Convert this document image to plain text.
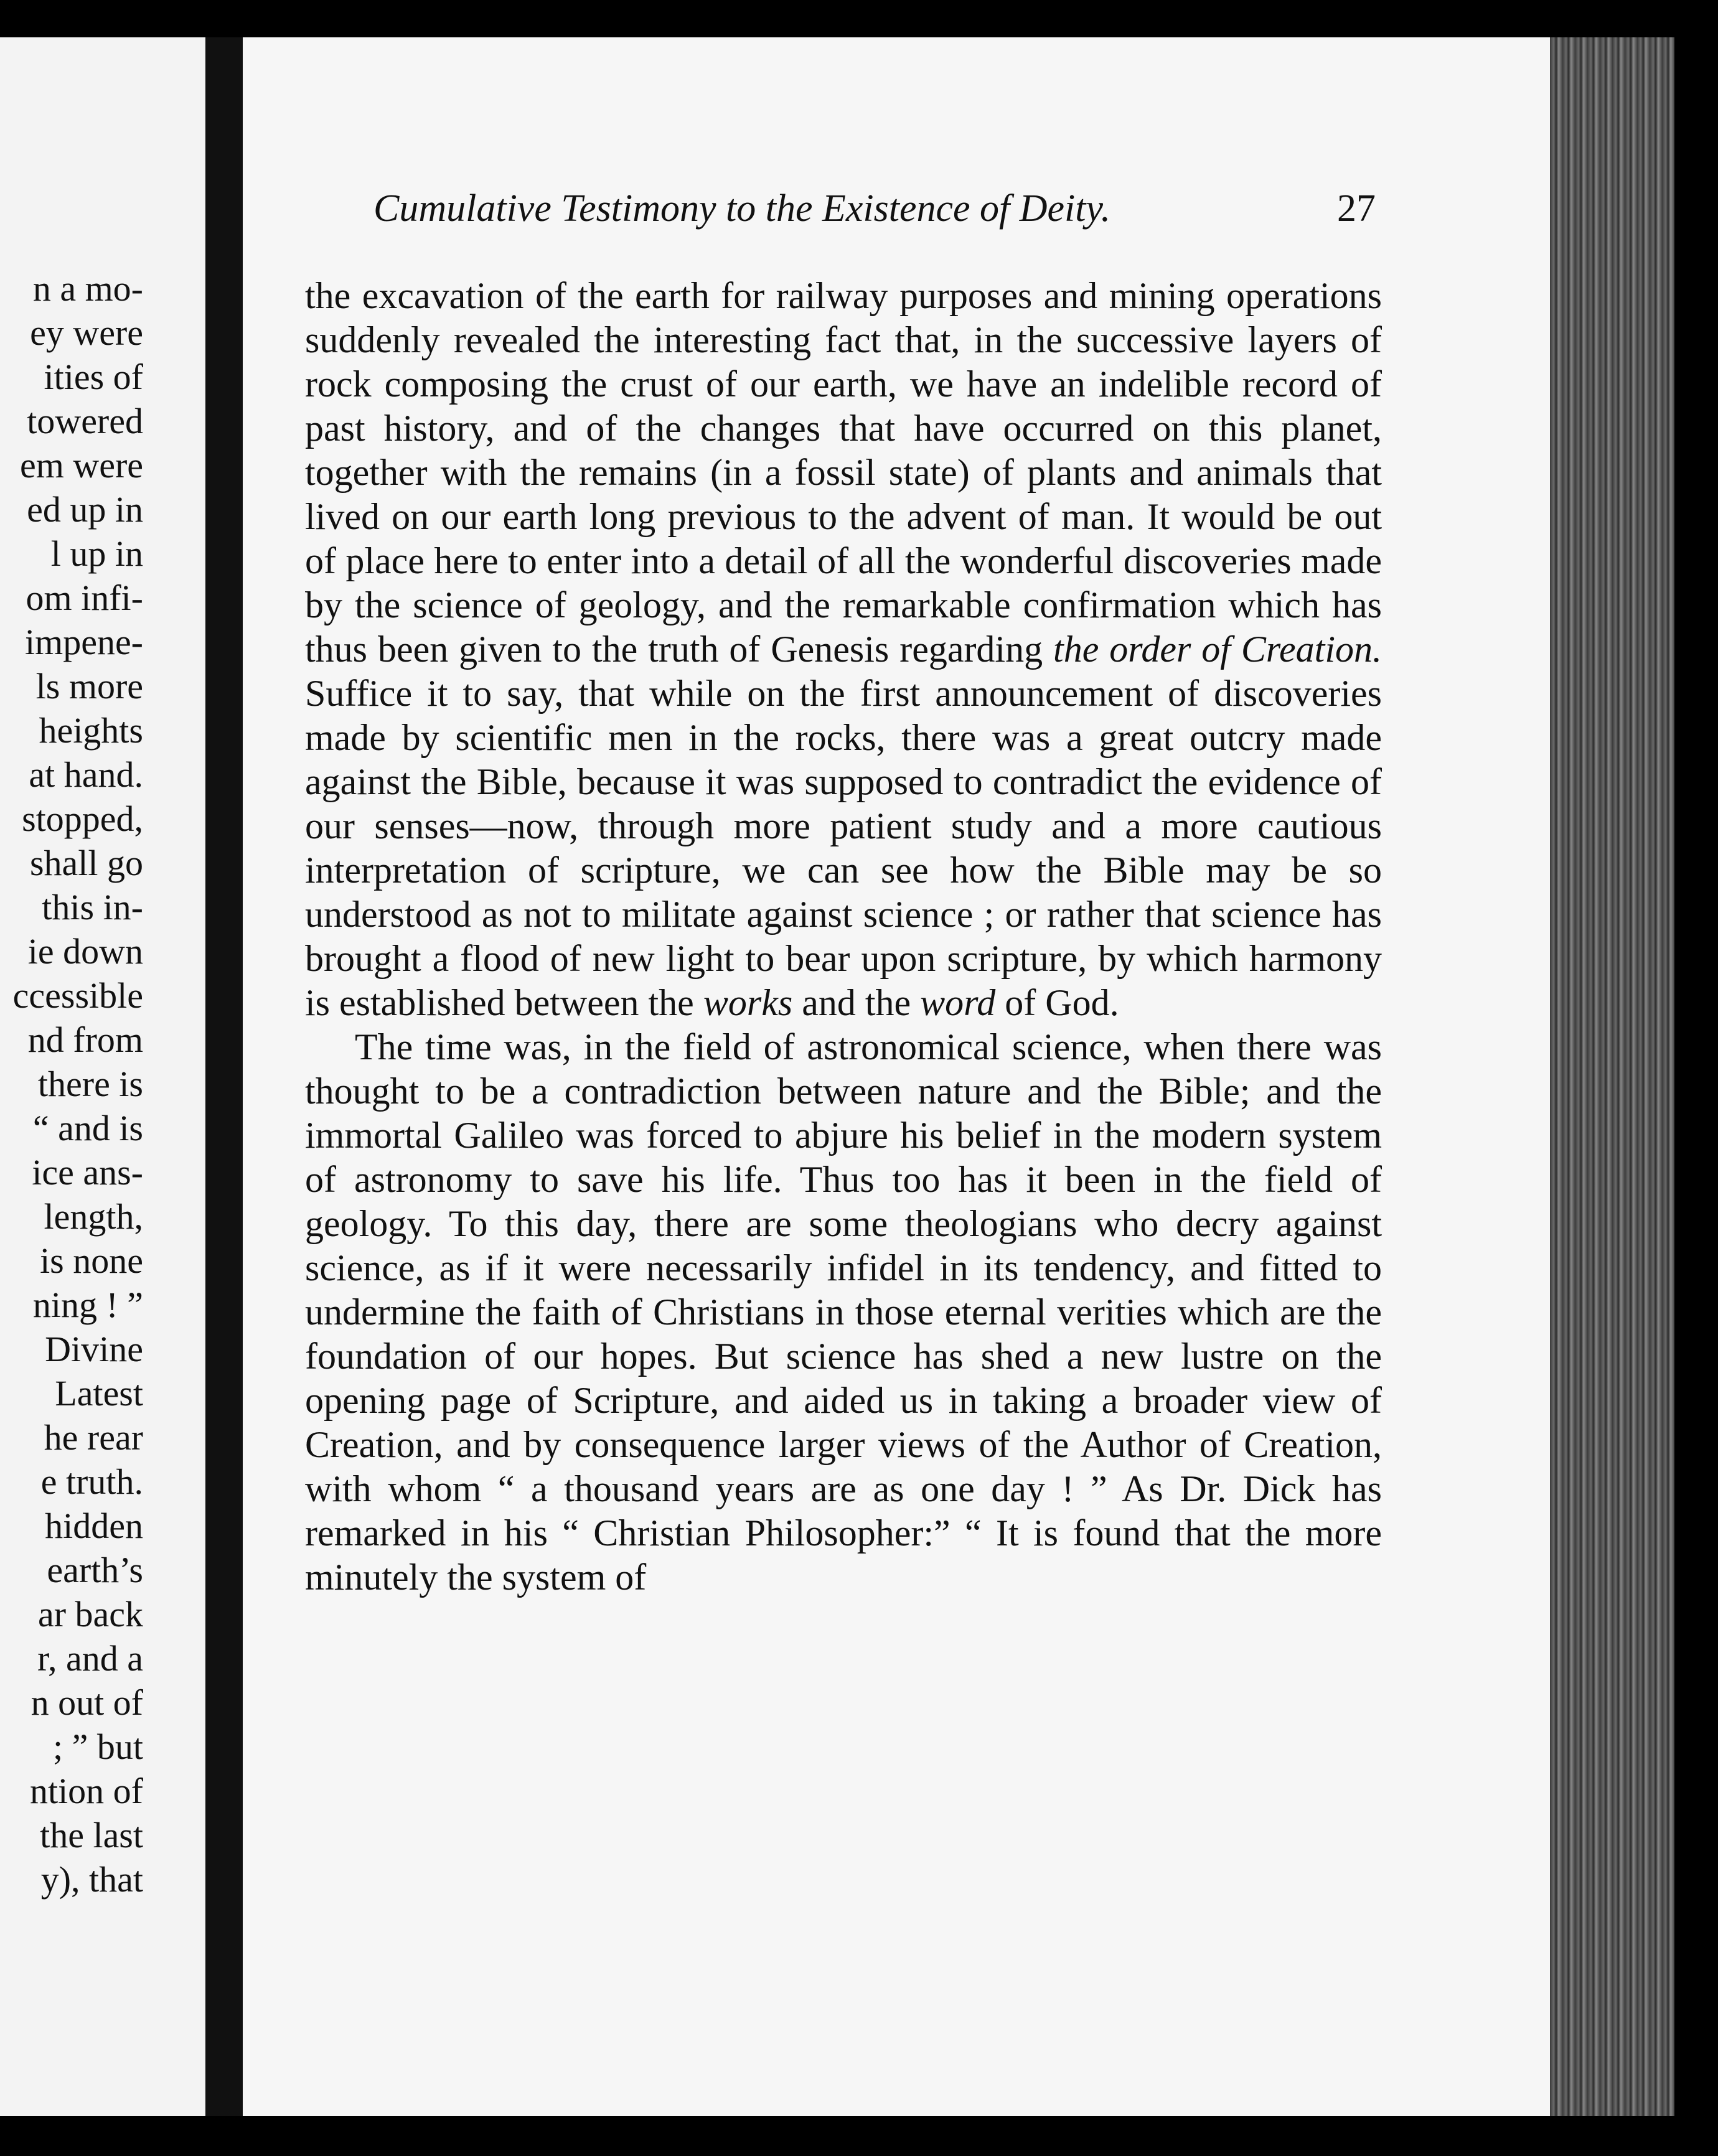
n a mo-
ey were
ities of
towered
em were
ed up in
l up in
om infi-
impene-
ls more
heights
at hand.
stopped,
shall go
this in-
ie down
ccessible
nd from
there is
“ and is
ice ans-
length,
is none
ning ! ”
Divine
Latest
he rear
e truth.
hidden
earth’s
ar back
r, and a
n out of
; ” but
ntion of
the last
y), that
Cumulative Testimony to the Existence of Deity.	27

the excavation of the earth for railway purposes and mining operations suddenly revealed the interesting fact that, in the successive layers of rock composing the crust of our earth, we have an indelible record of past history, and of the changes that have occurred on this planet, together with the remains (in a fossil state) of plants and animals that lived on our earth long previous to the advent of man. It would be out of place here to enter into a detail of all the wonderful discoveries made by the science of geology, and the remarkable confirmation which has thus been given to the truth of Genesis regarding the order of Creation. Suffice it to say, that while on the first announcement of discoveries made by scientific men in the rocks, there was a great outcry made against the Bible, because it was supposed to contradict the evidence of our senses—now, through more patient study and a more cautious interpretation of scripture, we can see how the Bible may be so understood as not to militate against science ; or rather that science has brought a flood of new light to bear upon scripture, by which harmony is established between the works and the word of God.

The time was, in the field of astronomical science, when there was thought to be a contradiction between nature and the Bible; and the immortal Galileo was forced to abjure his belief in the modern system of astronomy to save his life. Thus too has it been in the field of geology. To this day, there are some theologians who decry against science, as if it were necessarily infidel in its tendency, and fitted to undermine the faith of Christians in those eternal verities which are the foundation of our hopes. But science has shed a new lustre on the opening page of Scripture, and aided us in taking a broader view of Creation, and by consequence larger views of the Author of Creation, with whom “ a thousand years are as one day ! ” As Dr. Dick has remarked in his “ Christian Philosopher:” “ It is found that the more minutely the system of
